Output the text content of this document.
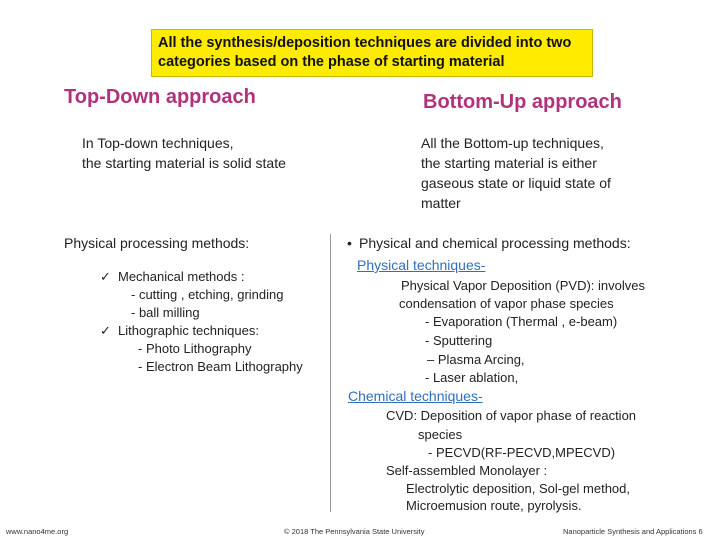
All the synthesis/deposition techniques are divided into two
categories based on the phase of starting material
Top-Down approach	Bottom-Up approach
In Top-down techniques,
the starting material is solid state
All the Bottom-up techniques,
the starting material is either
gaseous state or liquid state of
matter
Physical processing methods:
✓ Mechanical methods :
- cutting , etching, grinding
- ball milling
✓ Lithographic techniques:
- Photo Lithography
- Electron Beam Lithography
• Physical and chemical processing methods:
Physical techniques-
Physical Vapor Deposition (PVD): involves
condensation of vapor phase species
- Evaporation (Thermal , e-beam)
- Sputtering
– Plasma Arcing,
- Laser ablation,
Chemical techniques-
CVD: Deposition of vapor phase of reaction
species
- PECVD(RF-PECVD,MPECVD)
Self-assembled Monolayer :
Electrolytic deposition, Sol-gel method,
Microemusion route, pyrolysis.
www.nano4me.org	© 2018 The Pennsylvania State University	Nanoparticle Synthesis and Applications 6
